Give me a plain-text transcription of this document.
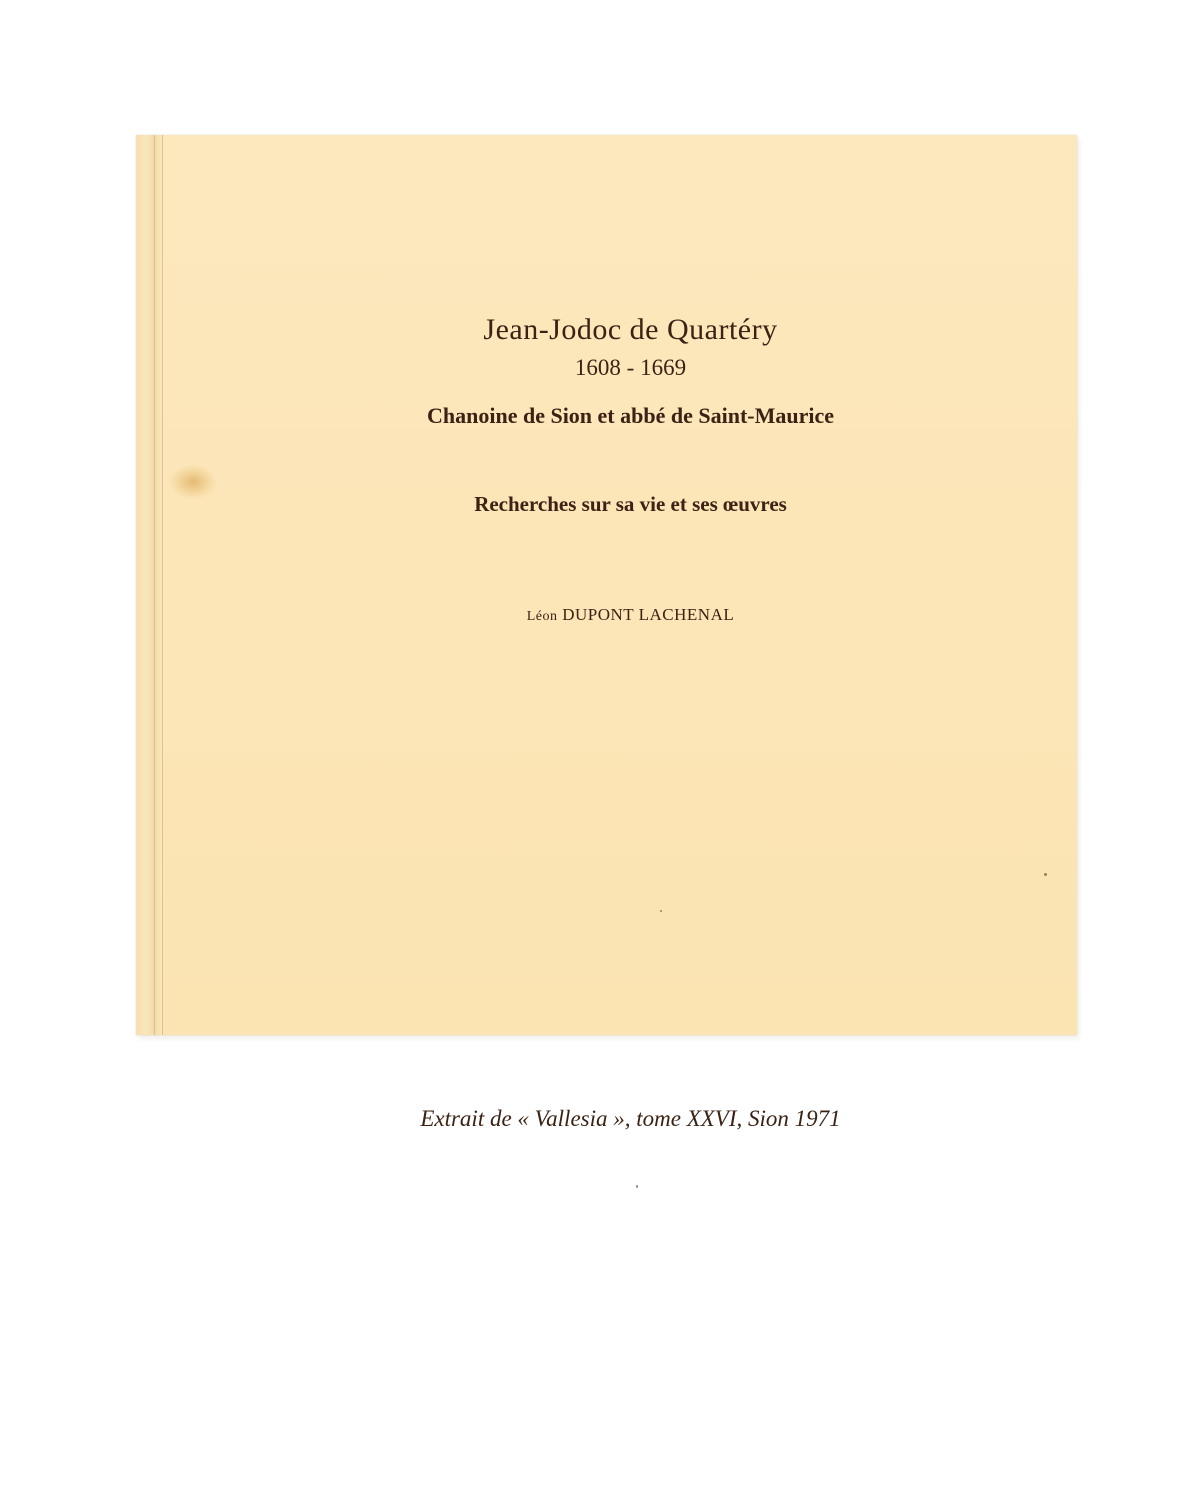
Jean-Jodoc de Quartéry
1608 - 1669
Chanoine de Sion et abbé de Saint-Maurice
Recherches sur sa vie et ses œuvres
Léon DUPONT LACHENAL
Extrait de « Vallesia », tome XXVI, Sion 1971
